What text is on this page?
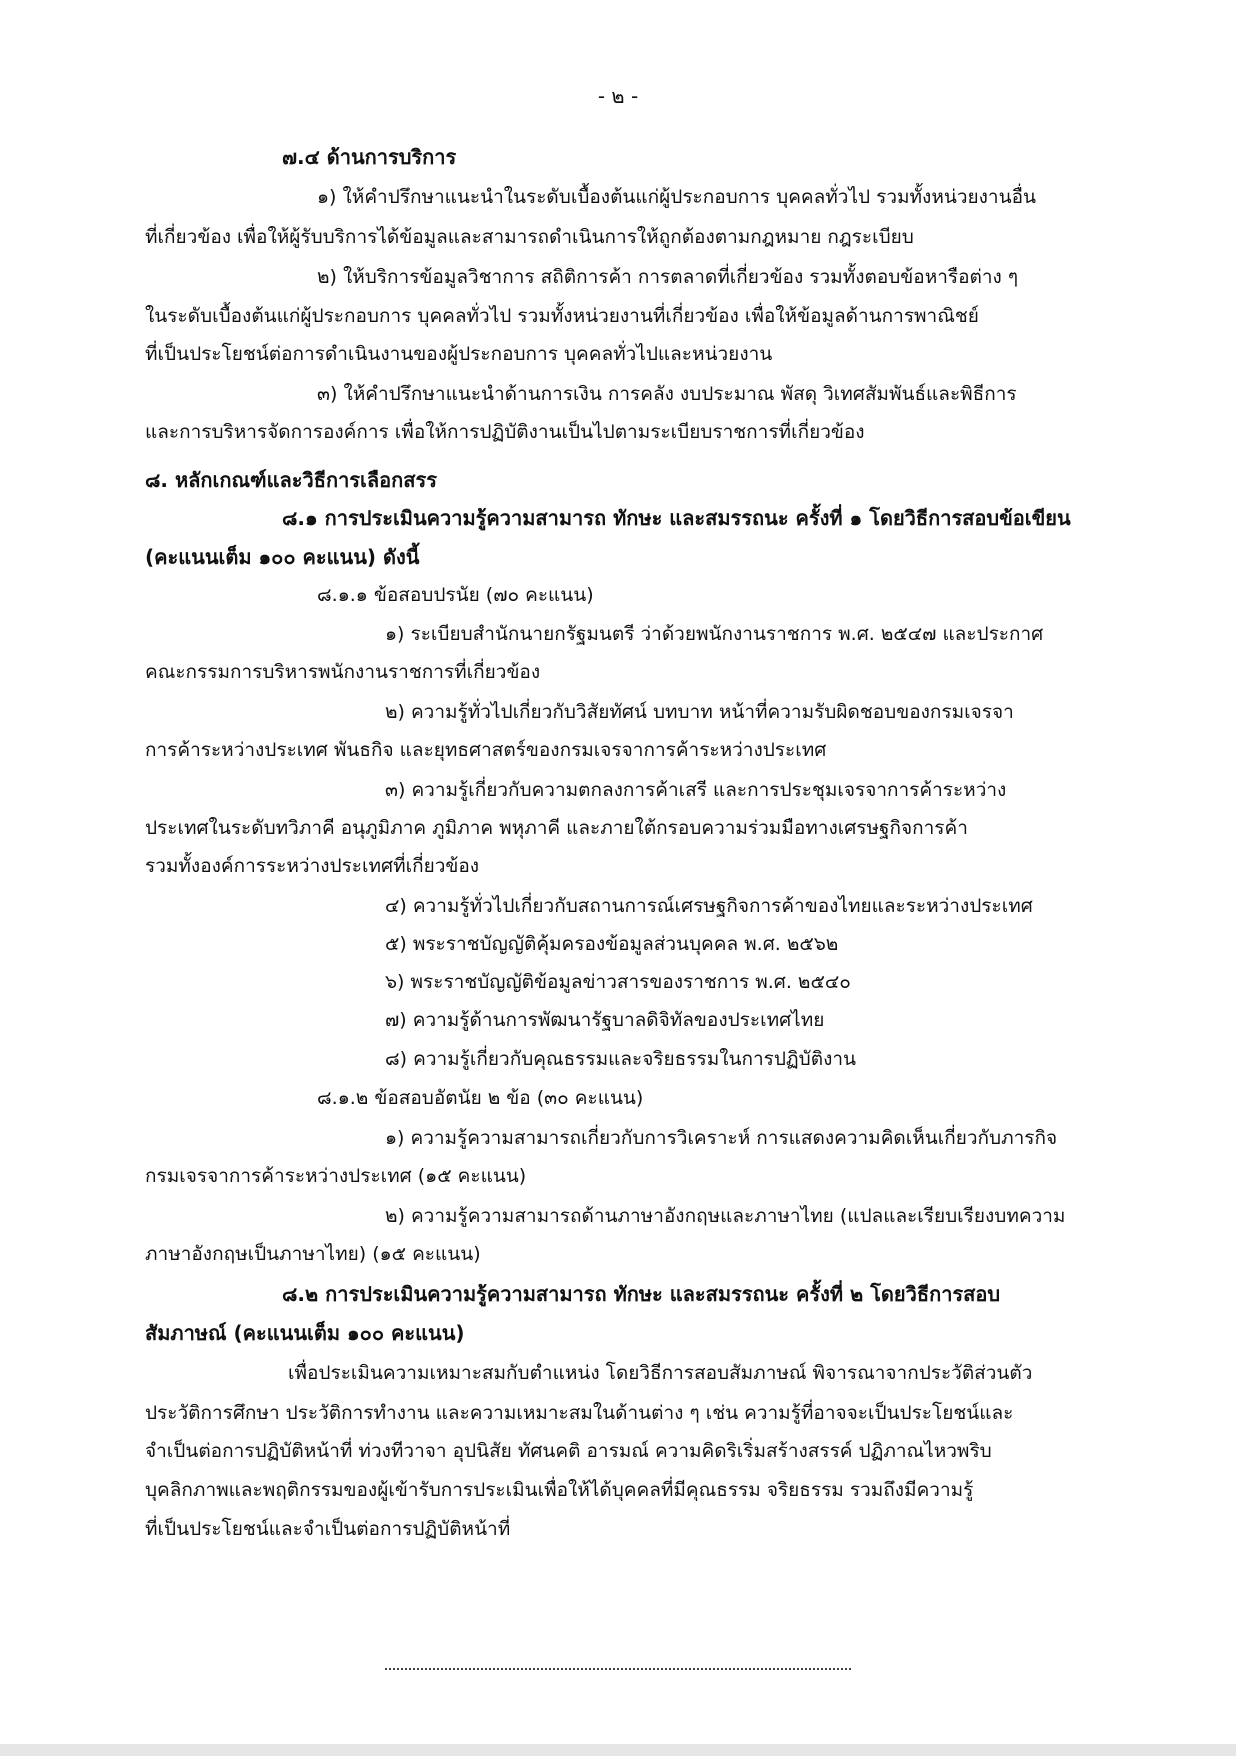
- ๒ -
๗.๔ ด้านการบริการ
๑) ให้คำปรึกษาแนะนำในระดับเบื้องต้นแก่ผู้ประกอบการ บุคคลทั่วไป รวมทั้งหน่วยงานอื่น
ที่เกี่ยวข้อง เพื่อให้ผู้รับบริการได้ข้อมูลและสามารถดำเนินการให้ถูกต้องตามกฎหมาย กฎระเบียบ
๒) ให้บริการข้อมูลวิชาการ สถิติการค้า การตลาดที่เกี่ยวข้อง รวมทั้งตอบข้อหารือต่าง ๆ
ในระดับเบื้องต้นแก่ผู้ประกอบการ บุคคลทั่วไป รวมทั้งหน่วยงานที่เกี่ยวข้อง เพื่อให้ข้อมูลด้านการพาณิชย์
ที่เป็นประโยชน์ต่อการดำเนินงานของผู้ประกอบการ บุคคลทั่วไปและหน่วยงาน
๓) ให้คำปรึกษาแนะนำด้านการเงิน การคลัง งบประมาณ พัสดุ วิเทศสัมพันธ์และพิธีการ
และการบริหารจัดการองค์การ เพื่อให้การปฏิบัติงานเป็นไปตามระเบียบราชการที่เกี่ยวข้อง
๘. หลักเกณฑ์และวิธีการเลือกสรร
๘.๑ การประเมินความรู้ความสามารถ ทักษะ และสมรรถนะ ครั้งที่ ๑ โดยวิธีการสอบข้อเขียน
(คะแนนเต็ม ๑๐๐ คะแนน) ดังนี้
๘.๑.๑ ข้อสอบปรนัย (๗๐ คะแนน)
๑) ระเบียบสำนักนายกรัฐมนตรี ว่าด้วยพนักงานราชการ พ.ศ. ๒๕๔๗ และประกาศ
คณะกรรมการบริหารพนักงานราชการที่เกี่ยวข้อง
๒) ความรู้ทั่วไปเกี่ยวกับวิสัยทัศน์ บทบาท หน้าที่ความรับผิดชอบของกรมเจรจา
การค้าระหว่างประเทศ พันธกิจ และยุทธศาสตร์ของกรมเจรจาการค้าระหว่างประเทศ
๓) ความรู้เกี่ยวกับความตกลงการค้าเสรี และการประชุมเจรจาการค้าระหว่าง
ประเทศในระดับทวิภาคี อนุภูมิภาค ภูมิภาค พหุภาคี และภายใต้กรอบความร่วมมือทางเศรษฐกิจการค้า
รวมทั้งองค์การระหว่างประเทศที่เกี่ยวข้อง
๔) ความรู้ทั่วไปเกี่ยวกับสถานการณ์เศรษฐกิจการค้าของไทยและระหว่างประเทศ
๕) พระราชบัญญัติคุ้มครองข้อมูลส่วนบุคคล พ.ศ. ๒๕๖๒
๖) พระราชบัญญัติข้อมูลข่าวสารของราชการ พ.ศ. ๒๕๔๐
๗) ความรู้ด้านการพัฒนารัฐบาลดิจิทัลของประเทศไทย
๘) ความรู้เกี่ยวกับคุณธรรมและจริยธรรมในการปฏิบัติงาน
๘.๑.๒ ข้อสอบอัตนัย ๒ ข้อ (๓๐ คะแนน)
๑) ความรู้ความสามารถเกี่ยวกับการวิเคราะห์ การแสดงความคิดเห็นเกี่ยวกับภารกิจ
กรมเจรจาการค้าระหว่างประเทศ (๑๕ คะแนน)
๒) ความรู้ความสามารถด้านภาษาอังกฤษและภาษาไทย (แปลและเรียบเรียงบทความ
ภาษาอังกฤษเป็นภาษาไทย) (๑๕ คะแนน)
๘.๒ การประเมินความรู้ความสามารถ ทักษะ และสมรรถนะ ครั้งที่ ๒ โดยวิธีการสอบ
สัมภาษณ์ (คะแนนเต็ม ๑๐๐ คะแนน)
เพื่อประเมินความเหมาะสมกับตำแหน่ง โดยวิธีการสอบสัมภาษณ์ พิจารณาจากประวัติส่วนตัว
ประวัติการศึกษา ประวัติการทำงาน และความเหมาะสมในด้านต่าง ๆ เช่น ความรู้ที่อาจจะเป็นประโยชน์และ
จำเป็นต่อการปฏิบัติหน้าที่ ท่วงทีวาจา อุปนิสัย ทัศนคติ อารมณ์ ความคิดริเริ่มสร้างสรรค์ ปฏิภาณไหวพริบ
บุคลิกภาพและพฤติกรรมของผู้เข้ารับการประเมินเพื่อให้ได้บุคคลที่มีคุณธรรม จริยธรรม รวมถึงมีความรู้
ที่เป็นประโยชน์และจำเป็นต่อการปฏิบัติหน้าที่
